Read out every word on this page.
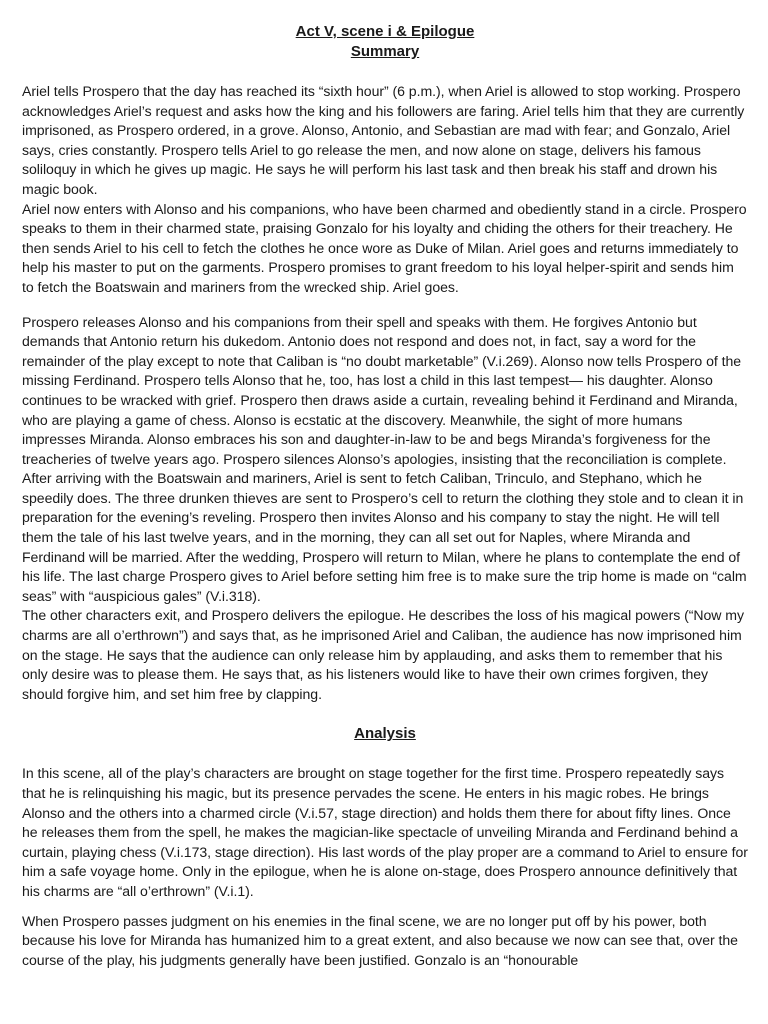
Act V, scene i & Epilogue

Summary

Ariel tells Prospero that the day has reached its “sixth hour” (6 p.m.), when Ariel is allowed to stop working. Prospero acknowledges Ariel’s request and asks how the king and his followers are faring. Ariel tells him that they are currently imprisoned, as Prospero ordered, in a grove. Alonso, Antonio, and Sebastian are mad with fear; and Gonzalo, Ariel says, cries constantly. Prospero tells Ariel to go release the men, and now alone on stage, delivers his famous soliloquy in which he gives up magic. He says he will perform his last task and then break his staff and drown his magic book.

Ariel now enters with Alonso and his companions, who have been charmed and obediently stand in a circle. Prospero speaks to them in their charmed state, praising Gonzalo for his loyalty and chiding the others for their treachery. He then sends Ariel to his cell to fetch the clothes he once wore as Duke of Milan. Ariel goes and returns immediately to help his master to put on the garments. Prospero promises to grant freedom to his loyal helper-spirit and sends him to fetch the Boatswain and mariners from the wrecked ship. Ariel goes.

Prospero releases Alonso and his companions from their spell and speaks with them. He forgives Antonio but demands that Antonio return his dukedom. Antonio does not respond and does not, in fact, say a word for the remainder of the play except to note that Caliban is “no doubt marketable” (V.i.269). Alonso now tells Prospero of the missing Ferdinand. Prospero tells Alonso that he, too, has lost a child in this last tempest— his daughter. Alonso continues to be wracked with grief. Prospero then draws aside a curtain, revealing behind it Ferdinand and Miranda, who are playing a game of chess. Alonso is ecstatic at the discovery. Meanwhile, the sight of more humans impresses Miranda. Alonso embraces his son and daughter-in-law to be and begs Miranda’s forgiveness for the treacheries of twelve years ago. Prospero silences Alonso’s apologies, insisting that the reconciliation is complete.

After arriving with the Boatswain and mariners, Ariel is sent to fetch Caliban, Trinculo, and Stephano, which he speedily does. The three drunken thieves are sent to Prospero’s cell to return the clothing they stole and to clean it in preparation for the evening’s reveling. Prospero then invites Alonso and his company to stay the night. He will tell them the tale of his last twelve years, and in the morning, they can all set out for Naples, where Miranda and Ferdinand will be married. After the wedding, Prospero will return to Milan, where he plans to contemplate the end of his life. The last charge Prospero gives to Ariel before setting him free is to make sure the trip home is made on “calm seas” with “auspicious gales” (V.i.318).

The other characters exit, and Prospero delivers the epilogue. He describes the loss of his magical powers (“Now my charms are all o’erthrown”) and says that, as he imprisoned Ariel and Caliban, the audience has now imprisoned him on the stage. He says that the audience can only release him by applauding, and asks them to remember that his only desire was to please them. He says that, as his listeners would like to have their own crimes forgiven, they should forgive him, and set him free by clapping.

Analysis

In this scene, all of the play’s characters are brought on stage together for the first time. Prospero repeatedly says that he is relinquishing his magic, but its presence pervades the scene. He enters in his magic robes. He brings Alonso and the others into a charmed circle (V.i.57, stage direction) and holds them there for about fifty lines. Once he releases them from the spell, he makes the magician-like spectacle of unveiling Miranda and Ferdinand behind a curtain, playing chess (V.i.173, stage direction). His last words of the play proper are a command to Ariel to ensure for him a safe voyage home. Only in the epilogue, when he is alone on-stage, does Prospero announce definitively that his charms are “all o’erthrown” (V.i.1).

When Prospero passes judgment on his enemies in the final scene, we are no longer put off by his power, both because his love for Miranda has humanized him to a great extent, and also because we now can see that, over the course of the play, his judgments generally have been justified. Gonzalo is an “honourable
